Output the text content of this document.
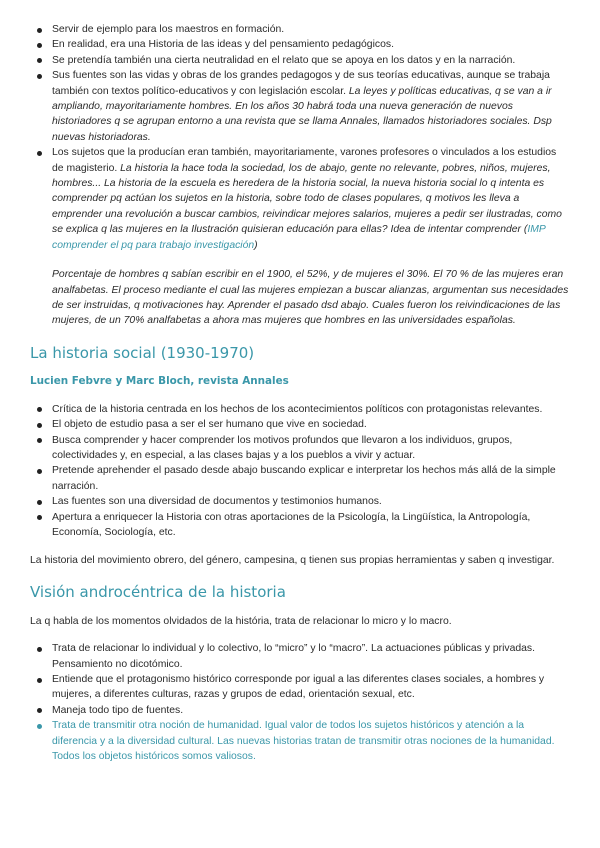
Servir de ejemplo para los maestros en formación.
En realidad, era una Historia de las ideas y del pensamiento pedagógicos.
Se pretendía también una cierta neutralidad en el relato que se apoya en los datos y en la narración.
Sus fuentes son las vidas y obras de los grandes pedagogos y de sus teorías educativas, aunque se trabaja también con textos político-educativos y con legislación escolar. La leyes y políticas educativas, q se van a ir ampliando, mayoritariamente hombres. En los años 30 habrá toda una nueva generación de nuevos historiadores q se agrupan entorno a una revista que se llama Annales, llamados historiadores sociales. Dsp nuevas historiadoras.
Los sujetos que la producían eran también, mayoritariamente, varones profesores o vinculados a los estudios de magisterio. La historia la hace toda la sociedad, los de abajo, gente no relevante, pobres, niños, mujeres, hombres... La historia de la escuela es heredera de la historia social, la nueva historia social lo q intenta es comprender pq actúan los sujetos en la historia, sobre todo de clases populares, q motivos les lleva a emprender una revolución a buscar cambios, reivindicar mejores salarios, mujeres a pedir ser ilustradas, como se explica q las mujeres en la Ilustración quisieran educación para ellas? Idea de intentar comprender (IMP comprender el pq para trabajo investigación)

Porcentaje de hombres q sabían escribir en el 1900, el 52%, y de mujeres el 30%. El 70 % de las mujeres eran analfabetas. El proceso mediante el cual las mujeres empiezan a buscar alianzas, argumentan sus necesidades de ser instruidas, q motivaciones hay. Aprender el pasado dsd abajo. Cuales fueron los reivindicaciones de las mujeres, de un 70% analfabetas a ahora mas mujeres que hombres en las universidades españolas.

La historia social (1930-1970)
Lucien Febvre y Marc Bloch, revista Annales
Crítica de la historia centrada en los hechos de los acontecimientos políticos con protagonistas relevantes.
El objeto de estudio pasa a ser el ser humano que vive en sociedad.
Busca comprender y hacer comprender los motivos profundos que llevaron a los individuos, grupos, colectividades y, en especial, a las clases bajas y a los pueblos a vivir y actuar.
Pretende aprehender el pasado desde abajo buscando explicar e interpretar los hechos más allá de la simple narración.
Las fuentes son una diversidad de documentos y testimonios humanos.
Apertura a enriquecer la Historia con otras aportaciones de la Psicología, la Lingüística, la Antropología, Economía, Sociología, etc.

La historia del movimiento obrero, del género, campesina, q tienen sus propias herramientas y saben q investigar.

Visión androcéntrica de la historia

La q habla de los momentos olvidados de la história, trata de relacionar lo micro y lo macro.

Trata de relacionar lo individual y lo colectivo, lo “micro” y lo “macro”. La actuaciones públicas y privadas. Pensamiento no dicotómico.
Entiende que el protagonismo histórico corresponde por igual a las diferentes clases sociales, a hombres y mujeres, a diferentes culturas, razas y grupos de edad, orientación sexual, etc.
Maneja todo tipo de fuentes.
Trata de transmitir otra noción de humanidad. Igual valor de todos los sujetos históricos y atención a la diferencia y a la diversidad cultural. Las nuevas historias tratan de transmitir otras nociones de la humanidad. Todos los objetos históricos somos valiosos.
